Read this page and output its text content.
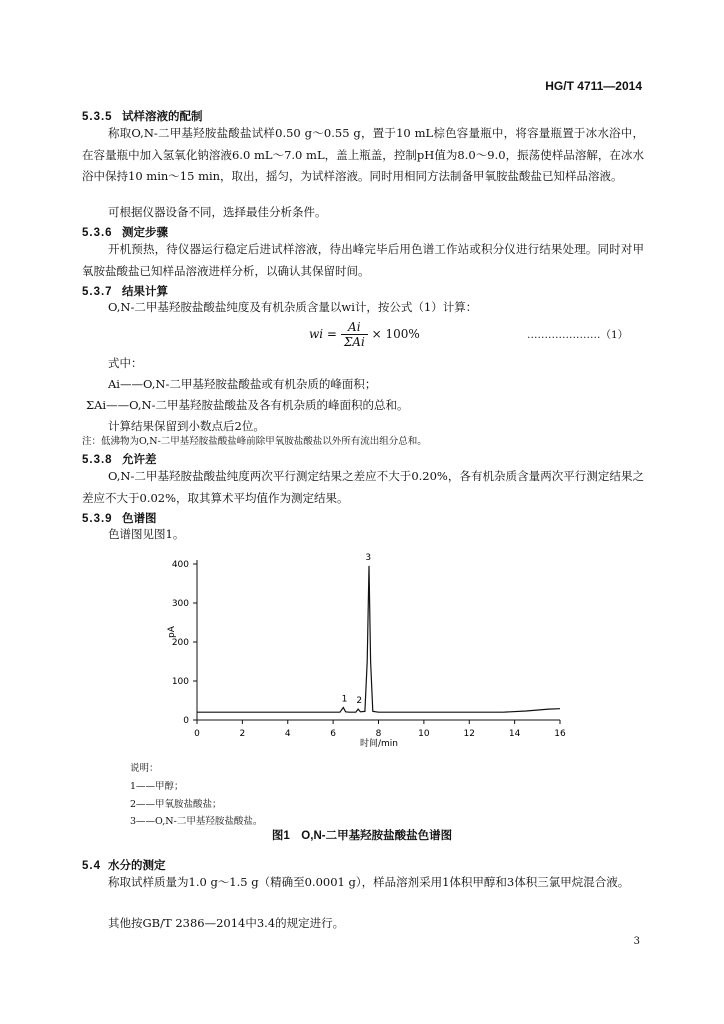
HG/T 4711—2014
5.3.5 试样溶液的配制
称取O,N-二甲基羟胺盐酸盐试样0.50 g～0.55 g，置于10 mL棕色容量瓶中，将容量瓶置于冰水浴中，在容量瓶中加入氢氧化钠溶液6.0 mL～7.0 mL，盖上瓶盖，控制pH值为8.0～9.0，振荡使样品溶解，在冰水浴中保持10 min～15 min，取出，摇匀，为试样溶液。同时用相同方法制备甲氧胺盐酸盐已知样品溶液。
可根据仪器设备不同，选择最佳分析条件。
5.3.6 测定步骤
开机预热，待仪器运行稳定后进试样溶液，待出峰完毕后用色谱工作站或积分仪进行结果处理。同时对甲氧胺盐酸盐已知样品溶液进样分析，以确认其保留时间。
5.3.7 结果计算
O,N-二甲基羟胺盐酸盐纯度及有机杂质含量以wi计，按公式（1）计算：
wi = $\frac{Ai}{\text{ΣAi}} \times 100\%$	…………………（1）
式中：
Ai——O,N-二甲基羟胺盐酸盐或有机杂质的峰面积；
ΣAi——O,N-二甲基羟胺盐酸盐及各有机杂质的峰面积的总和。
计算结果保留到小数点后2位。
注：低沸物为O,N-二甲基羟胺盐酸盐峰前除甲氧胺盐酸盐以外所有流出组分总和。
5.3.8 允许差
O,N-二甲基羟胺盐酸盐纯度两次平行测定结果之差应不大于0.20%，各有机杂质含量两次平行测定结果之差应不大于0.02%，取其算术平均值作为测定结果。
5.3.9 色谱图
色谱图见图1。
0	2	4	6	8	10	12	14	16
0
100
200
300
400
1 2
3
pA
时间/min
说明：
1——甲醇；
2——甲氧胺盐酸盐；
3——O,N-二甲基羟胺盐酸盐。
图1　O,N-二甲基羟胺盐酸盐色谱图
5.4 水分的测定
称取试样质量为1.0 g～1.5 g（精确至0.0001 g），样品溶剂采用1体积甲醇和3体积三氯甲烷混合液。
其他按GB/T 2386—2014中3.4的规定进行。
3
